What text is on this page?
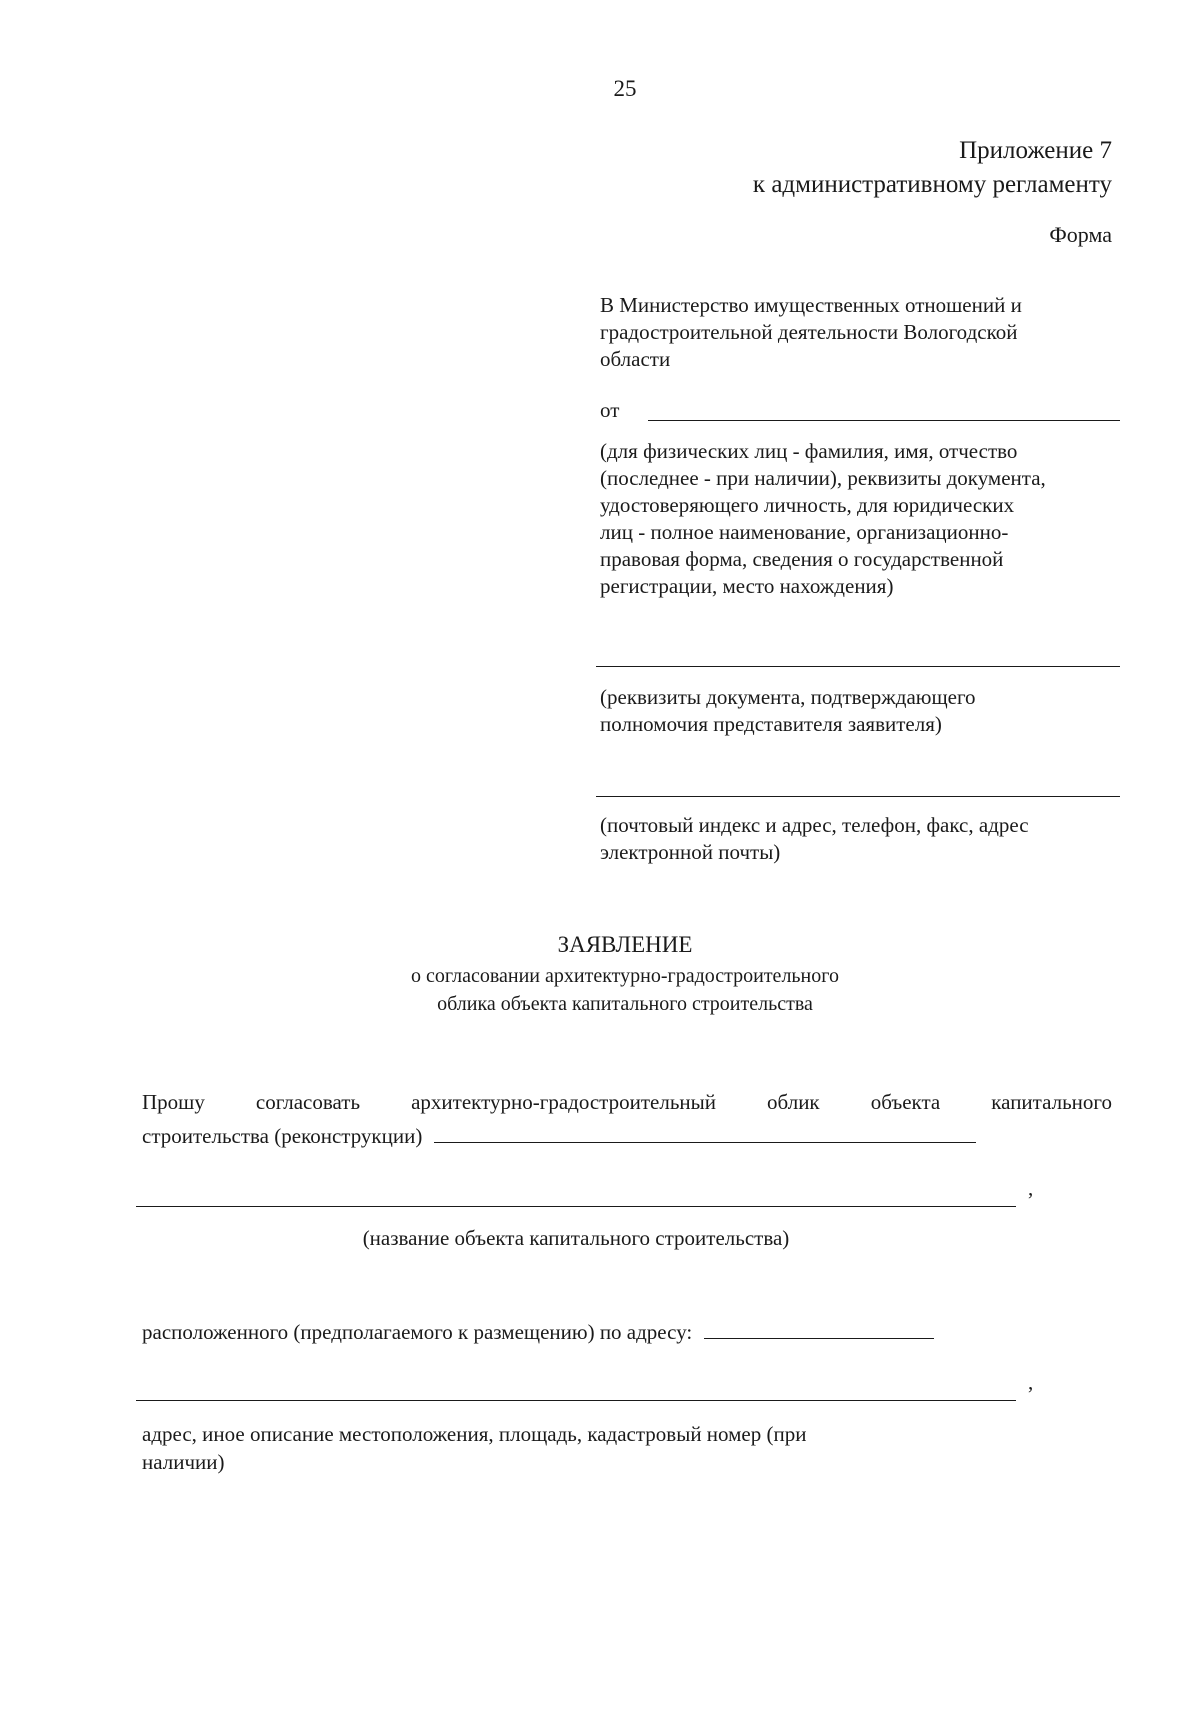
25
Приложение 7
к административному регламенту
Форма
В Министерство имущественных отношений и
градостроительной деятельности Вологодской
области
от
(для физических лиц - фамилия, имя, отчество
(последнее - при наличии), реквизиты документа,
удостоверяющего личность, для юридических
лиц - полное наименование, организационно-
правовая форма, сведения о государственной
регистрации, место нахождения)
(реквизиты документа, подтверждающего
полномочия представителя заявителя)
(почтовый индекс и адрес, телефон, факс, адрес
электронной почты)
ЗАЯВЛЕНИЕ
о согласовании архитектурно-градостроительного
облика объекта капитального строительства
Прошу согласовать архитектурно-градостроительный облик объекта капитального
строительства (реконструкции)
,
(название объекта капитального строительства)
расположенного (предполагаемого к размещению) по адресу:
,
адрес, иное описание местоположения, площадь, кадастровый номер (при
наличии)
